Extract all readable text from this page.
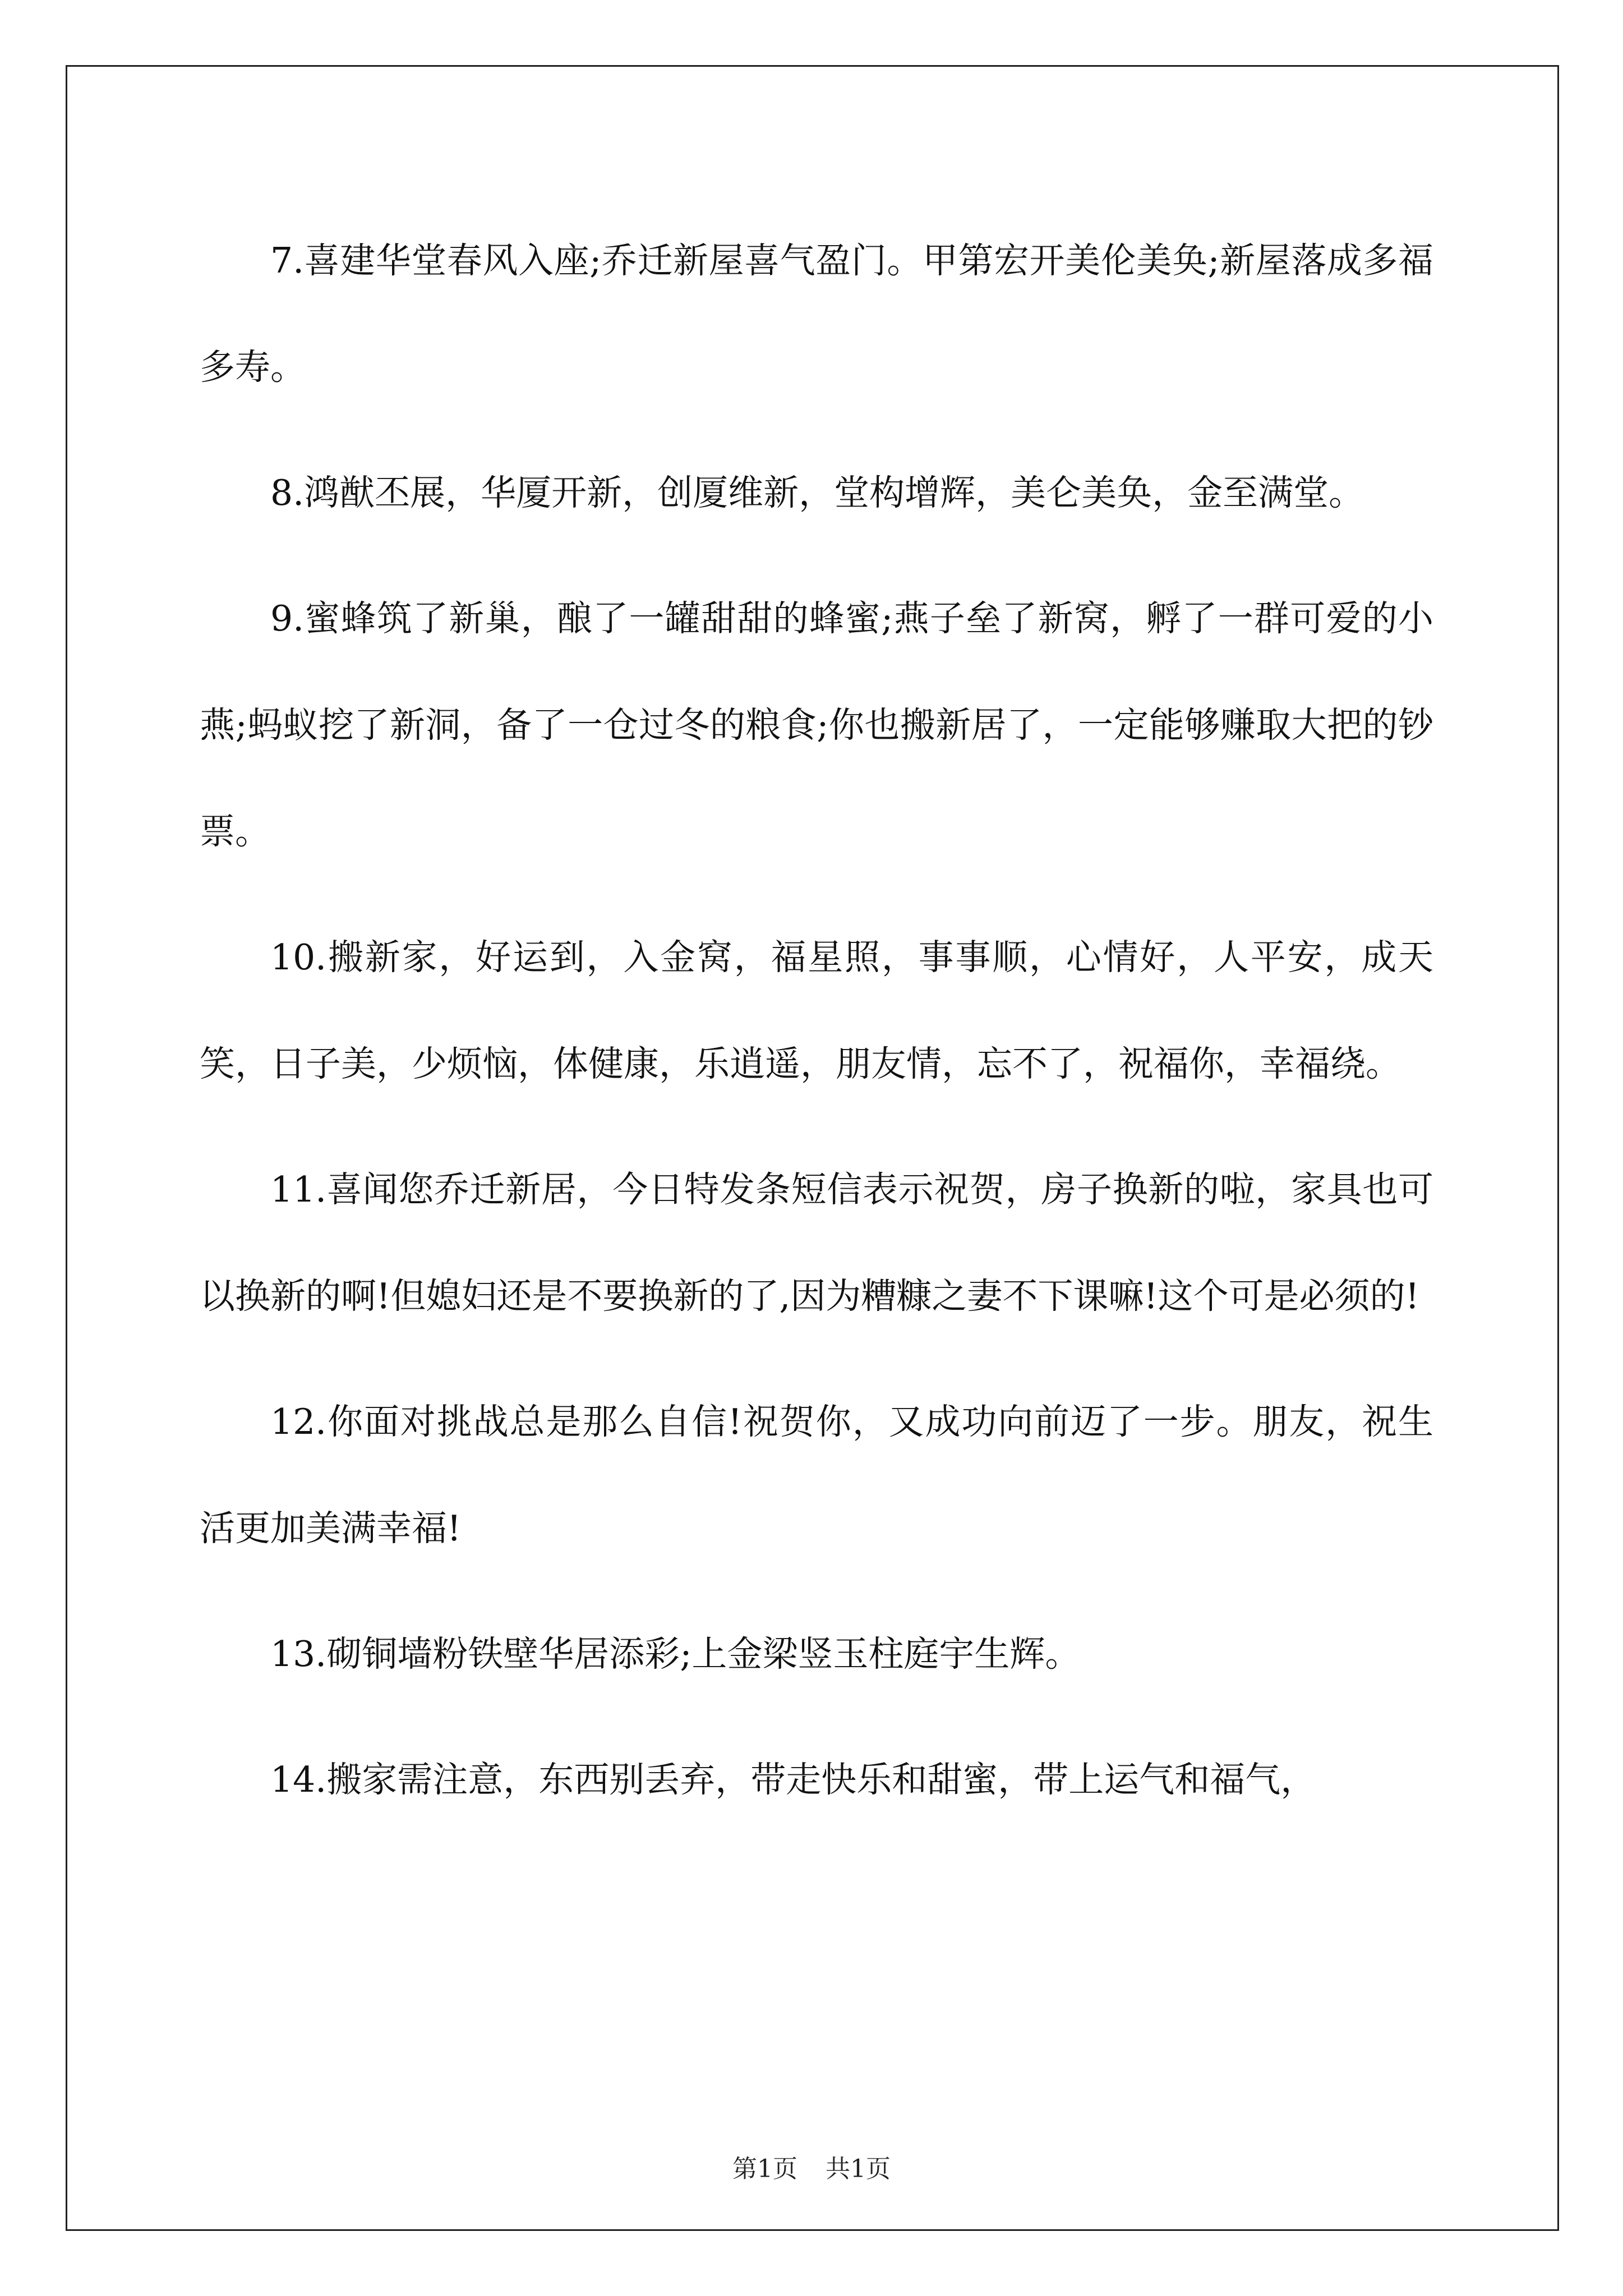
7.喜建华堂春风入座;乔迁新屋喜气盈门。甲第宏开美伦美奂;新屋落成多福多寿。

8.鸿猷丕展，华厦开新，创厦维新，堂构增辉，美仑美奂，金至满堂。

9.蜜蜂筑了新巢，酿了一罐甜甜的蜂蜜;燕子垒了新窝，孵了一群可爱的小燕;蚂蚁挖了新洞，备了一仓过冬的粮食;你也搬新居了，一定能够赚取大把的钞票。

10.搬新家，好运到，入金窝，福星照，事事顺，心情好，人平安，成天笑，日子美，少烦恼，体健康，乐逍遥，朋友情，忘不了，祝福你，幸福绕。

11.喜闻您乔迁新居，今日特发条短信表示祝贺，房子换新的啦，家具也可以换新的啊!但媳妇还是不要换新的了,因为糟糠之妻不下课嘛!这个可是必须的!

12.你面对挑战总是那么自信!祝贺你，又成功向前迈了一步。朋友，祝生活更加美满幸福!

13.砌铜墙粉铁壁华居添彩;上金梁竖玉柱庭宇生辉。

14.搬家需注意，东西别丢弃，带走快乐和甜蜜，带上运气和福气，

第1页 共1页
